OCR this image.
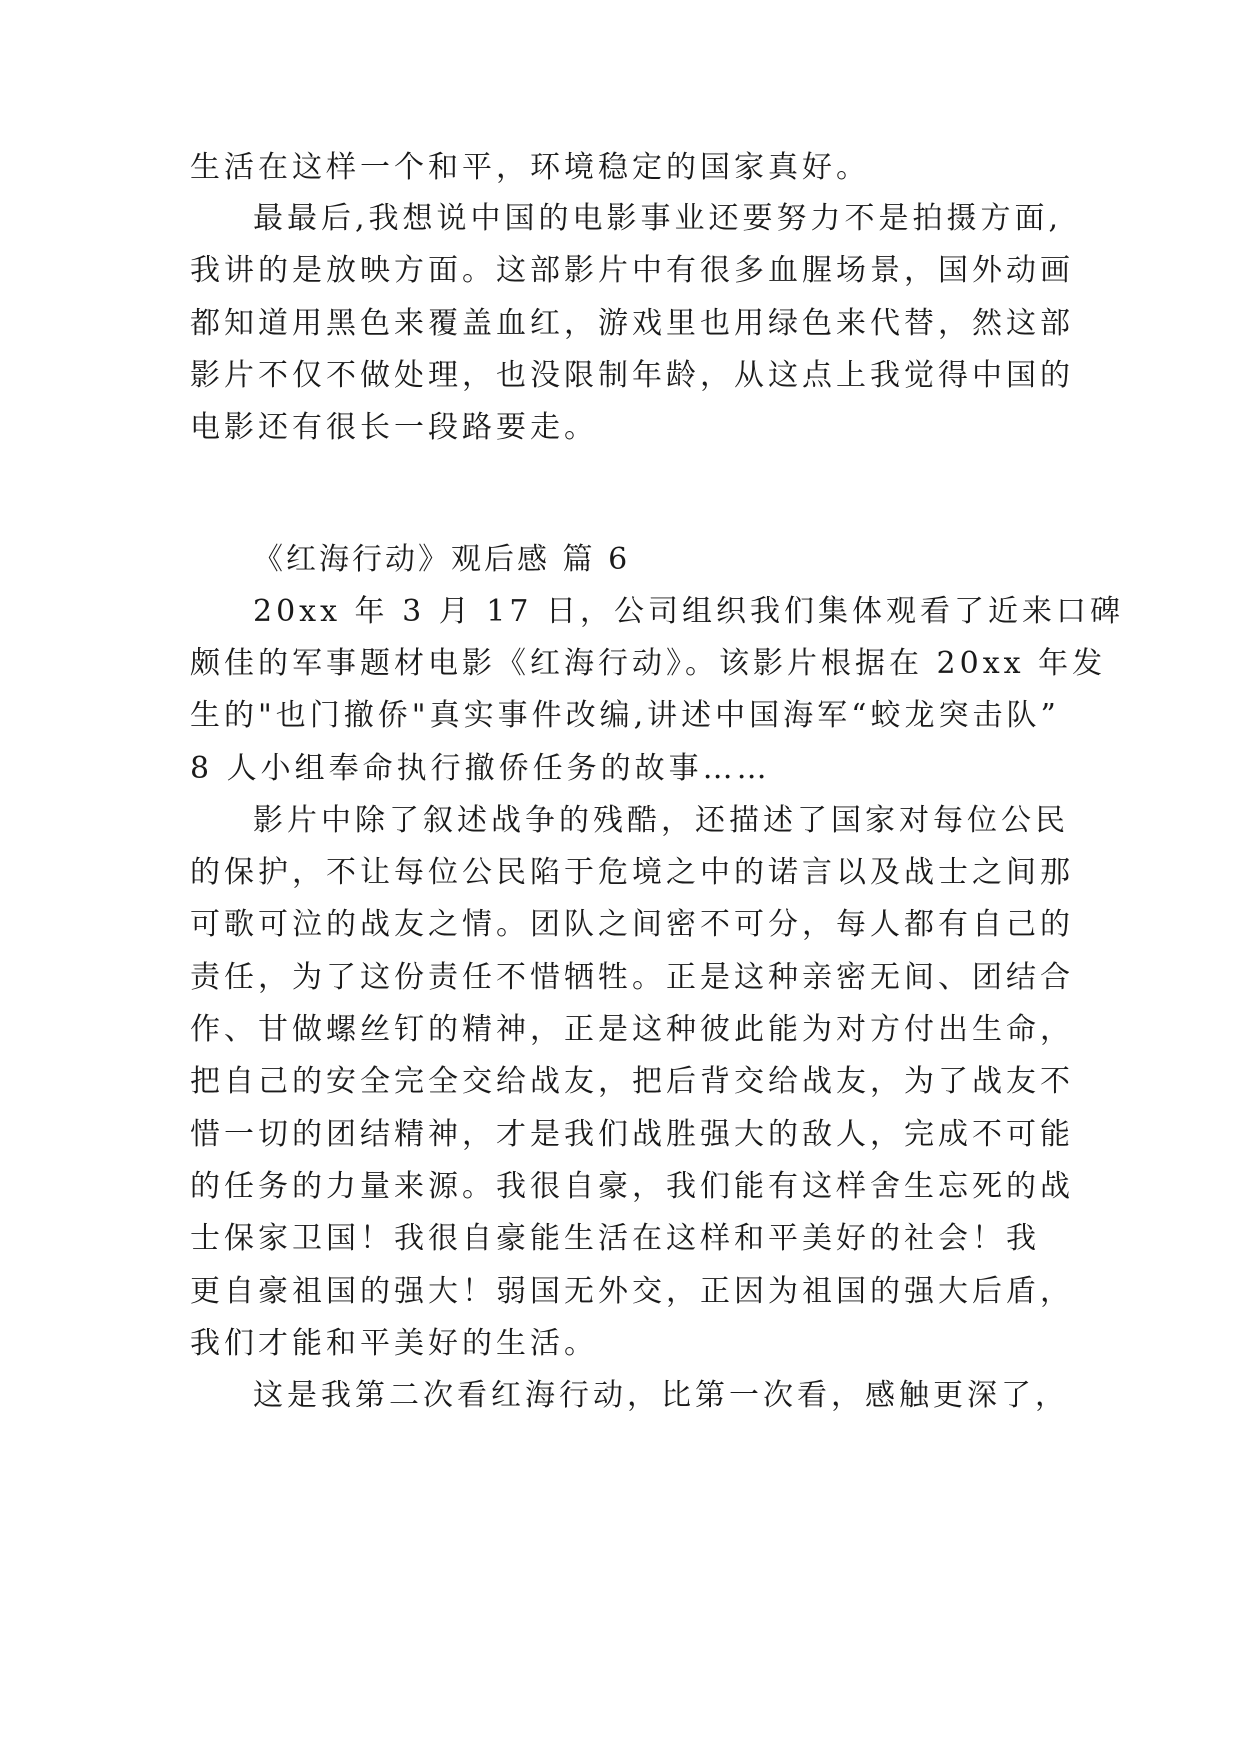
生活在这样一个和平，环境稳定的国家真好。

最最后,我想说中国的电影事业还要努力不是拍摄方面,

我讲的是放映方面。这部影片中有很多血腥场景，国外动画

都知道用黑色来覆盖血红，游戏里也用绿色来代替，然这部

影片不仅不做处理，也没限制年龄，从这点上我觉得中国的

电影还有很长一段路要走。

《红海行动》观后感 篇 6

20xx 年 3 月 17 日，公司组织我们集体观看了近来口碑

颇佳的军事题材电影《红海行动》。该影片根据在 20xx 年发

生的"也门撤侨"真实事件改编,讲述中国海军“蛟龙突击队”

8 人小组奉命执行撤侨任务的故事……

影片中除了叙述战争的残酷，还描述了国家对每位公民

的保护，不让每位公民陷于危境之中的诺言以及战士之间那

可歌可泣的战友之情。团队之间密不可分，每人都有自己的

责任，为了这份责任不惜牺牲。正是这种亲密无间、团结合

作、甘做螺丝钉的精神，正是这种彼此能为对方付出生命，

把自己的安全完全交给战友，把后背交给战友，为了战友不

惜一切的团结精神，才是我们战胜强大的敌人，完成不可能

的任务的力量来源。我很自豪，我们能有这样舍生忘死的战

士保家卫国！我很自豪能生活在这样和平美好的社会！我

更自豪祖国的强大！弱国无外交，正因为祖国的强大后盾，

我们才能和平美好的生活。

这是我第二次看红海行动，比第一次看，感触更深了，
